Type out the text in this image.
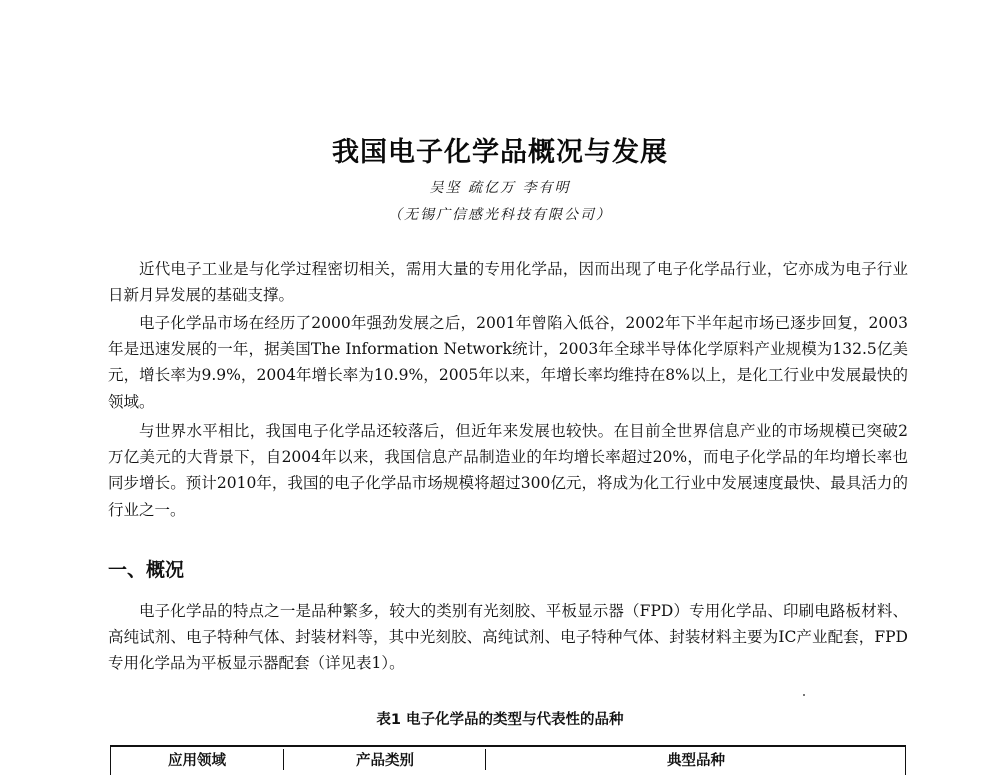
我国电子化学品概况与发展
吴坚 疏亿万 李有明
（无锡广信感光科技有限公司）

近代电子工业是与化学过程密切相关，需用大量的专用化学品，因而出现了电子化学品行业，它亦成为电子行业日新月异发展的基础支撑。

电子化学品市场在经历了2000年强劲发展之后，2001年曾陷入低谷，2002年下半年起市场已逐步回复，2003年是迅速发展的一年，据美国The Information Network统计，2003年全球半导体化学原料产业规模为132.5亿美元，增长率为9.9%，2004年增长率为10.9%，2005年以来，年增长率均维持在8%以上，是化工行业中发展最快的领域。

与世界水平相比，我国电子化学品还较落后，但近年来发展也较快。在目前全世界信息产业的市场规模已突破2万亿美元的大背景下，自2004年以来，我国信息产品制造业的年均增长率超过20%，而电子化学品的年均增长率也同步增长。预计2010年，我国的电子化学品市场规模将超过300亿元，将成为化工行业中发展速度最快、最具活力的行业之一。

一、概况

电子化学品的特点之一是品种繁多，较大的类别有光刻胶、平板显示器（FPD）专用化学品、印刷电路板材料、高纯试剂、电子特种气体、封装材料等，其中光刻胶、高纯试剂、电子特种气体、封装材料主要为IC产业配套，FPD专用化学品为平板显示器配套（详见表1）。

表1 电子化学品的类型与代表性的品种
应用领域	产品类别	典型品种
